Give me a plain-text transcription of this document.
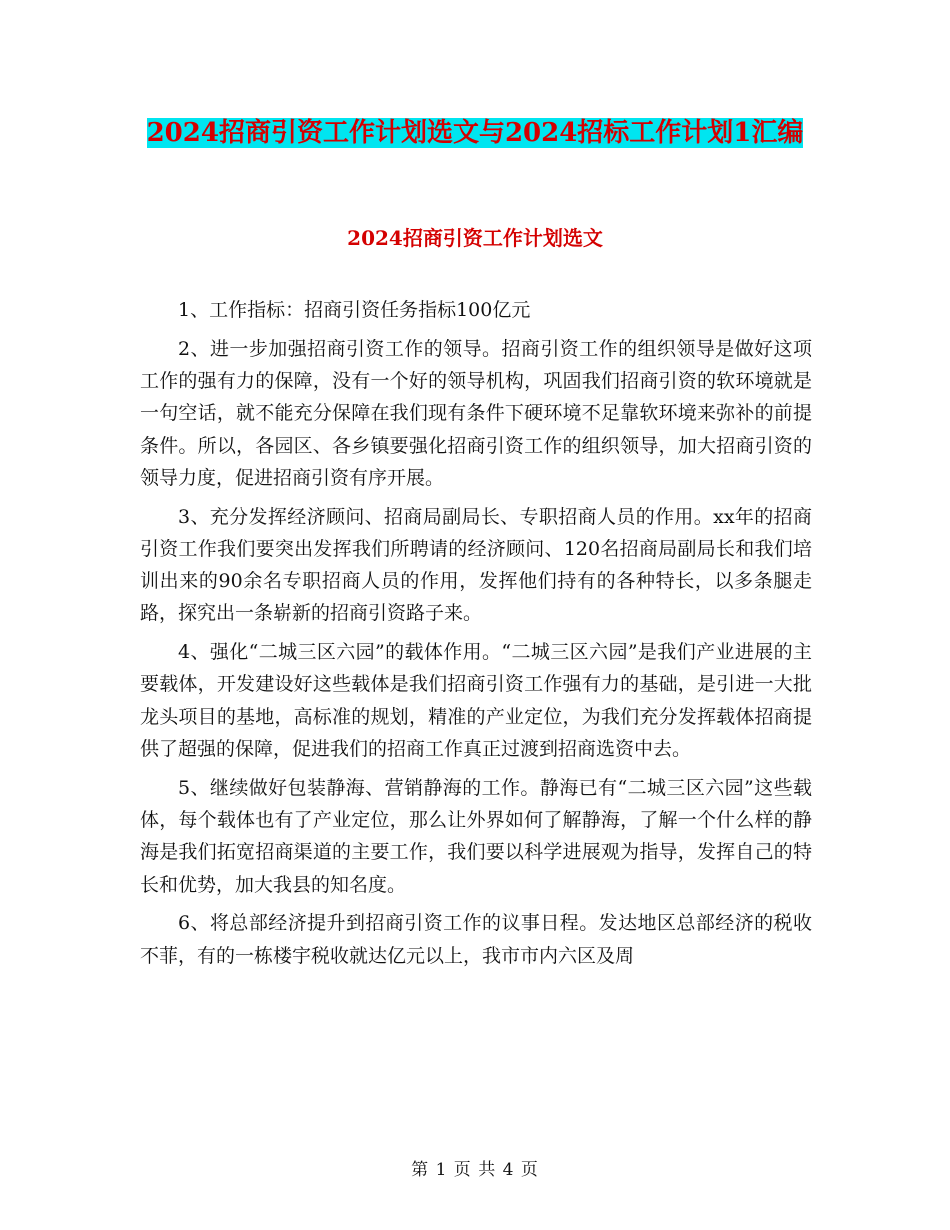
2024招商引资工作计划选文与2024招标工作计划1汇编
2024招商引资工作计划选文

1、工作指标：招商引资任务指标100亿元

2、进一步加强招商引资工作的领导。招商引资工作的组织领导是做好这项工作的强有力的保障，没有一个好的领导机构，巩固我们招商引资的软环境就是一句空话，就不能充分保障在我们现有条件下硬环境不足靠软环境来弥补的前提条件。所以，各园区、各乡镇要强化招商引资工作的组织领导，加大招商引资的领导力度，促进招商引资有序开展。

3、充分发挥经济顾问、招商局副局长、专职招商人员的作用。xx年的招商引资工作我们要突出发挥我们所聘请的经济顾问、120名招商局副局长和我们培训出来的90余名专职招商人员的作用，发挥他们持有的各种特长，以多条腿走路，探究出一条崭新的招商引资路子来。

4、强化“二城三区六园”的载体作用。“二城三区六园”是我们产业进展的主要载体，开发建设好这些载体是我们招商引资工作强有力的基础，是引进一大批龙头项目的基地，高标准的规划，精准的产业定位，为我们充分发挥载体招商提供了超强的保障，促进我们的招商工作真正过渡到招商选资中去。

5、继续做好包装静海、营销静海的工作。静海已有“二城三区六园”这些载体，每个载体也有了产业定位，那么让外界如何了解静海，了解一个什么样的静海是我们拓宽招商渠道的主要工作，我们要以科学进展观为指导，发挥自己的特长和优势，加大我县的知名度。

6、将总部经济提升到招商引资工作的议事日程。发达地区总部经济的税收不菲，有的一栋楼宇税收就达亿元以上，我市市内六区及周

第 1 页 共 4 页
